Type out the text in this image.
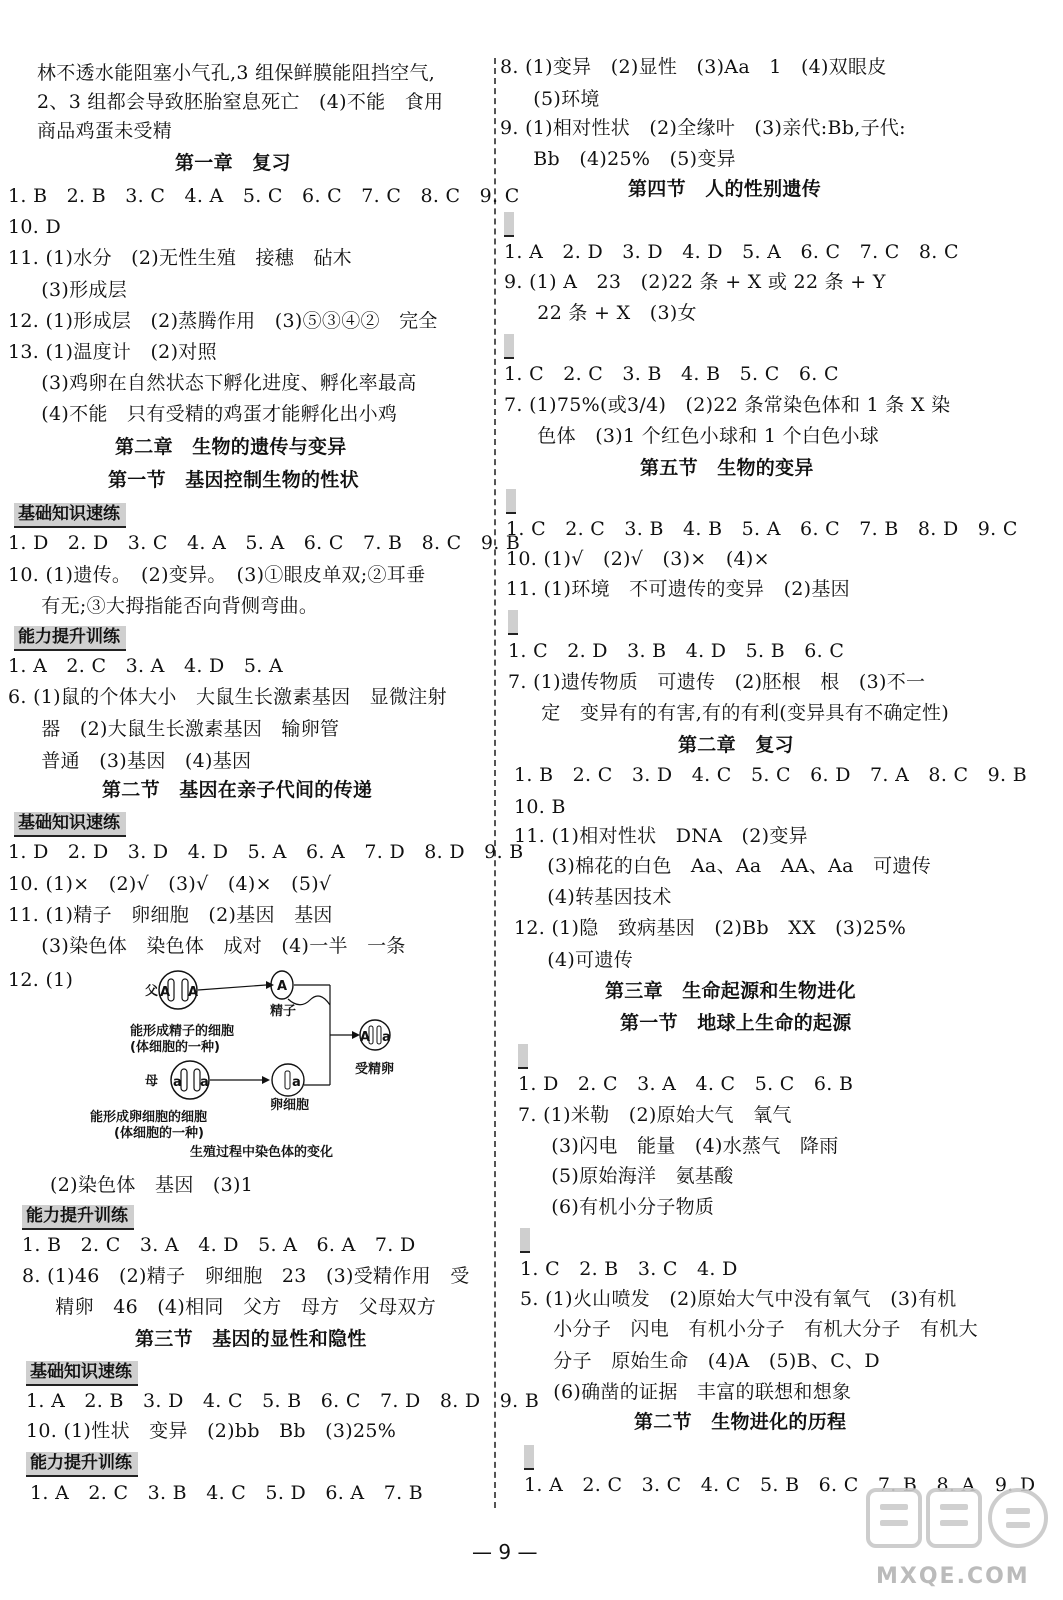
林不透水能阻塞小气孔,3 组保鲜膜能阻挡空气,
2、3 组都会导致胚胎窒息死亡　(4)不能　食用
商品鸡蛋未受精
第一章　复习
1. B　2. B　3. C　4. A　5. C　6. C　7. C　8. C　9. C
10. D
11. (1)水分　(2)无性生殖　接穗　砧木
　(3)形成层
12. (1)形成层　(2)蒸腾作用　(3)⑤③④②　完全
13. (1)温度计　(2)对照
　(3)鸡卵在自然状态下孵化进度、孵化率最高
　(4)不能　只有受精的鸡蛋才能孵化出小鸡
第二章　生物的遗传与变异
第一节　基因控制生物的性状
基础知识速练
1. D　2. D　3. C　4. A　5. A　6. C　7. B　8. C　9. B
10. (1)遗传。　(2)变异。　(3)①眼皮单双;②耳垂
　有无;③大拇指能否向背侧弯曲。
能力提升训练
1. A　2. C　3. A　4. D　5. A
6. (1)鼠的个体大小　大鼠生长激素基因　显微注射
　器　(2)大鼠生长激素基因　输卵管
　普通　(3)基因　(4)基因
第二节　基因在亲子代间的传递
基础知识速练
1. D　2. D　3. D　4. D　5. A　6. A　7. D　8. D　9. B
10. (1)×　(2)√　(3)√　(4)×　(5)√
11. (1)精子　卵细胞　(2)基因　基因
　(3)染色体　染色体　成对　(4)一半　一条
12. (1)
父 A A	A
精子
能形成精子的细胞
(体细胞的一种)
A a
受精卵
母 a a	a
卵细胞
能形成卵细胞的细胞
(体细胞的一种)
生殖过程中染色体的变化
(2)染色体　基因　(3)1
能力提升训练
1. B　2. C　3. A　4. D　5. A　6. A　7. D
8. (1)46　(2)精子　卵细胞　23　(3)受精作用　受
　精卵　46　(4)相同　父方　母方　父母双方
第三节　基因的显性和隐性
基础知识速练
1. A　2. B　3. D　4. C　5. B　6. C　7. D　8. D　9. B
10. (1)性状　变异　(2)bb　Bb　(3)25%
能力提升训练
1. A　2. C　3. B　4. C　5. D　6. A　7. B
8. (1)变异　(2)显性　(3)Aa　1　(4)双眼皮
　(5)环境
9. (1)相对性状　(2)全缘叶　(3)亲代:Bb,子代:
　Bb　(4)25%　(5)变异
第四节　人的性别遗传
1. A　2. D　3. D　4. D　5. A　6. C　7. C　8. C
9. (1) A　23　(2)22 条 + X 或 22 条 + Y
　22 条 + X　(3)女
1. C　2. C　3. B　4. B　5. C　6. C
7. (1)75%(或3/4)　(2)22 条常染色体和 1 条 X 染
　色体　(3)1 个红色小球和 1 个白色小球
第五节　生物的变异
1. C　2. C　3. B　4. B　5. A　6. C　7. B　8. D　9. C
10. (1)√　(2)√　(3)×　(4)×
11. (1)环境　不可遗传的变异　(2)基因
1. C　2. D　3. B　4. D　5. B　6. C
7. (1)遗传物质　可遗传　(2)胚根　根　(3)不一
　定　变异有的有害,有的有利(变异具有不确定性)
第二章　复习
1. B　2. C　3. D　4. C　5. C　6. D　7. A　8. C　9. B
10. B
11. (1)相对性状　DNA　(2)变异
　(3)棉花的白色　Aa、Aa　AA、Aa　可遗传
　(4)转基因技术
12. (1)隐　致病基因　(2)Bb　XX　(3)25%
　(4)可遗传
第三章　生命起源和生物进化
第一节　地球上生命的起源
1. D　2. C　3. A　4. C　5. C　6. B
7. (1)米勒　(2)原始大气　氧气
　(3)闪电　能量　(4)水蒸气　降雨
　(5)原始海洋　氨基酸
　(6)有机小分子物质
1. C　2. B　3. C　4. D
5. (1)火山喷发　(2)原始大气中没有氧气　(3)有机
　小分子　闪电　有机小分子　有机大分子　有机大
　分子　原始生命　(4)A　(5)B、C、D
　(6)确凿的证据　丰富的联想和想象
第二节　生物进化的历程
1. A　2. C　3. C　4. C　5. B　6. C　7. B　8. A　9. D
— 9 —
MXQE.COM
